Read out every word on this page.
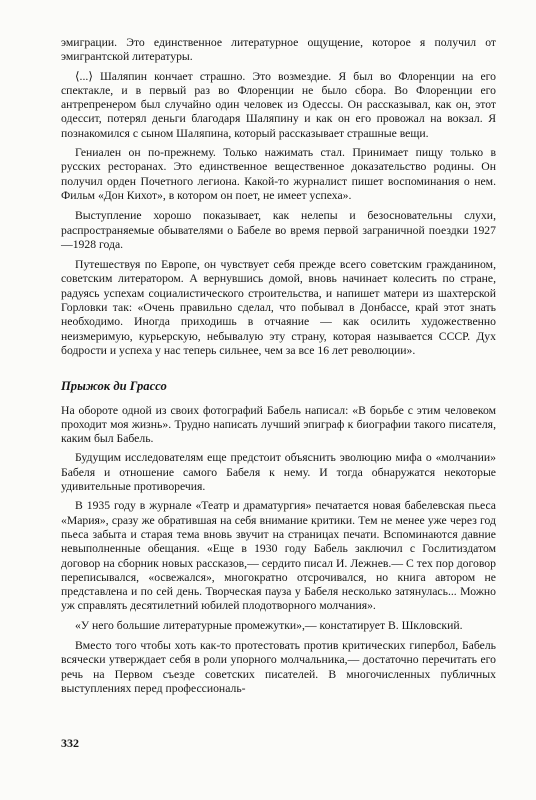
эмиграции. Это единственное литературное ощущение, которое я получил от эмигрантской литературы.

⟨...⟩ Шаляпин кончает страшно. Это возмездие. Я был во Флоренции на его спектакле, и в первый раз во Флоренции не было сбора. Во Флоренции его антрепренером был случайно один человек из Одессы. Он рассказывал, как он, этот одессит, потерял деньги благодаря Шаляпину и как он его провожал на вокзал. Я познакомился с сыном Шаляпина, который рассказывает страшные вещи.

Гениален он по-прежнему. Только нажимать стал. Принимает пищу только в русских ресторанах. Это единственное вещественное доказательство родины. Он получил орден Почетного легиона. Какой-то журналист пишет воспоминания о нем. Фильм «Дон Кихот», в котором он поет, не имеет успеха».

Выступление хорошо показывает, как нелепы и безосновательны слухи, распространяемые обывателями о Бабеле во время первой заграничной поездки 1927—1928 года.

Путешествуя по Европе, он чувствует себя прежде всего советским гражданином, советским литератором. А вернувшись домой, вновь начинает колесить по стране, радуясь успехам социалистического строительства, и напишет матери из шахтерской Горловки так: «Очень правильно сделал, что побывал в Донбассе, край этот знать необходимо. Иногда приходишь в отчаяние — как осилить художественно неизмеримую, курьерскую, небывалую эту страну, которая называется СССР. Дух бодрости и успеха у нас теперь сильнее, чем за все 16 лет революции».

Прыжок ди Грассо

На обороте одной из своих фотографий Бабель написал: «В борьбе с этим человеком проходит моя жизнь». Трудно написать лучший эпиграф к биографии такого писателя, каким был Бабель.

Будущим исследователям еще предстоит объяснить эволюцию мифа о «молчании» Бабеля и отношение самого Бабеля к нему. И тогда обнаружатся некоторые удивительные противоречия.

В 1935 году в журнале «Театр и драматургия» печатается новая бабелевская пьеса «Мария», сразу же обратившая на себя внимание критики. Тем не менее уже через год пьеса забыта и старая тема вновь звучит на страницах печати. Вспоминаются давние невыполненные обещания. «Еще в 1930 году Бабель заключил с Гослитиздатом договор на сборник новых рассказов,— сердито писал И. Лежнев.— С тех пор договор переписывался, «освежался», многократно отсрочивался, но книга автором не представлена и по сей день. Творческая пауза у Бабеля несколько затянулась... Можно уж справлять десятилетний юбилей плодотворного молчания».

«У него большие литературные промежутки»,— констатирует В. Шкловский.

Вместо того чтобы хоть как-то протестовать против критических гипербол, Бабель всячески утверждает себя в роли упорного молчальника,— достаточно перечитать его речь на Первом съезде советских писателей. В многочисленных публичных выступлениях перед профессиональ-

332
